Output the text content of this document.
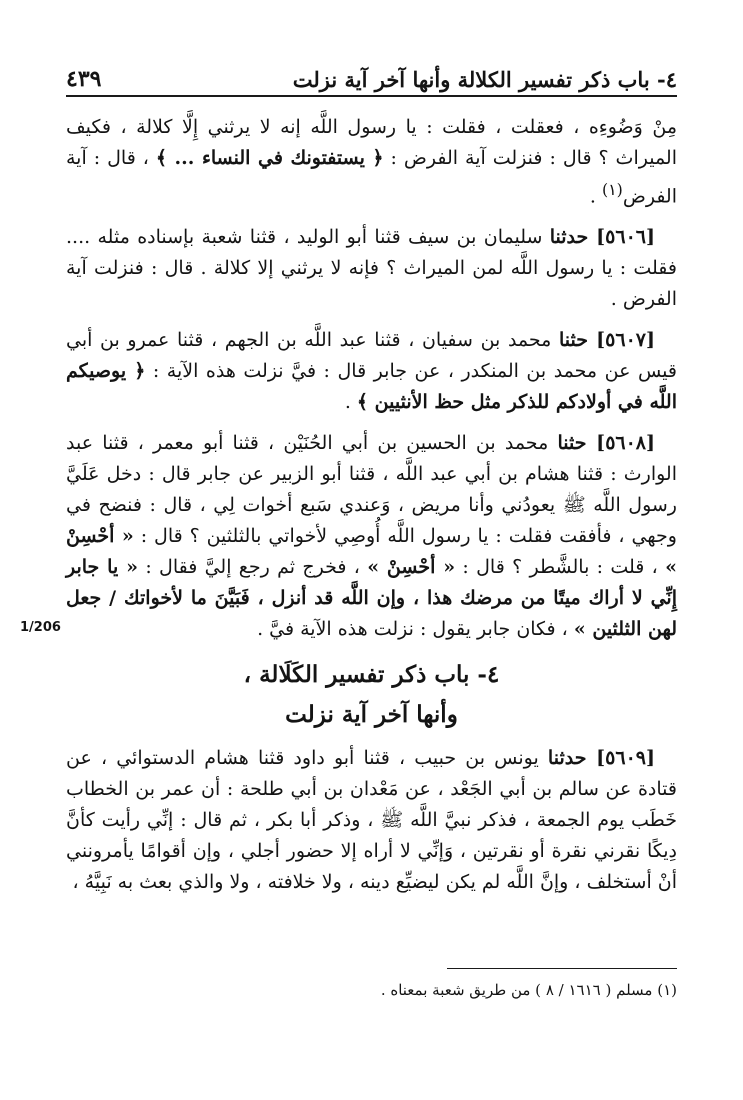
٤- باب ذكر تفسير الكلالة وأنها آخر آية نزلت
٤٣٩
1/206

مِنْ وَضُوءِه ، فعقلت ، فقلت : يا رسول اللَّه إنه لا يرثني إِلَّا كلالة ، فكيف الميراث ؟ قال : فنزلت آية الفرض : ﴿ يستفتونك في النساء ... ﴾ ، قال : آية الفرض$^{(١)}$ .

[٥٦٠٦] حدثنا سليمان بن سيف قثنا أبو الوليد ، قثنا شعبة بإسناده مثله .... فقلت : يا رسول اللَّه لمن الميراث ؟ فإنه لا يرثني إلا كلالة . قال : فنزلت آية الفرض .

[٥٦٠٧] حثنا محمد بن سفيان ، قثنا عبد اللَّه بن الجهم ، قثنا عمرو بن أبي قيس عن محمد بن المنكدر ، عن جابر قال : فيَّ نزلت هذه الآية : ﴿ يوصيكم اللَّه في أولادكم للذكر مثل حظ الأنثيين ﴾ .

[٥٦٠٨] حثنا محمد بن الحسين بن أبي الحُنَيْن ، قثنا أبو معمر ، قثنا عبد الوارث : قثنا هشام بن أبي عبد اللَّه ، قثنا أبو الزبير عن جابر قال : دخل عَلَيَّ رسول اللَّه ﷺ يعودُني وأنا مريض ، وَعندي سَبع أخوات لِي ، قال : فنضح في وجهي ، فأفقت فقلت : يا رسول اللَّه أُوصِي لأخواتي بالثلثين ؟ قال : « أحْسِنْ » ، قلت : بالشَّطر ؟ قال : « أحْسِنْ » ، فخرج ثم رجع إليَّ فقال : « يا جابر إِنِّي لا أراك ميتًا من مرضك هذا ، وإن اللَّه قد أنزل ، فَبَيَّنَ ما لأخواتك / جعل لهن الثلثين » ، فكان جابر يقول : نزلت هذه الآية فيَّ .

٤- باب ذكر تفسير الكَلَالة ،
وأنها آخر آية نزلت

[٥٦٠٩] حدثنا يونس بن حبيب ، قثنا أبو داود قثنا هشام الدستوائي ، عن قتادة عن سالم بن أبي الجَعْد ، عن مَعْدان بن أبي طلحة : أن عمر بن الخطاب خَطَب يوم الجمعة ، فذكر نبيَّ اللَّه ﷺ ، وذكر أبا بكر ، ثم قال : إنِّي رأيت كأنَّ دِيكًا نقرني نقرة أو نقرتين ، وَإنِّي لا أراه إلا حضور أجلي ، وإن أقوامًا يأمرونني أنْ أستخلف ، وإنَّ اللَّه لم يكن ليضيِّع دينه ، ولا خلافته ، ولا والذي بعث به نَبِيَّهُ ،

(١) مسلم ( ١٦١٦ / ٨ ) من طريق شعبة بمعناه .
